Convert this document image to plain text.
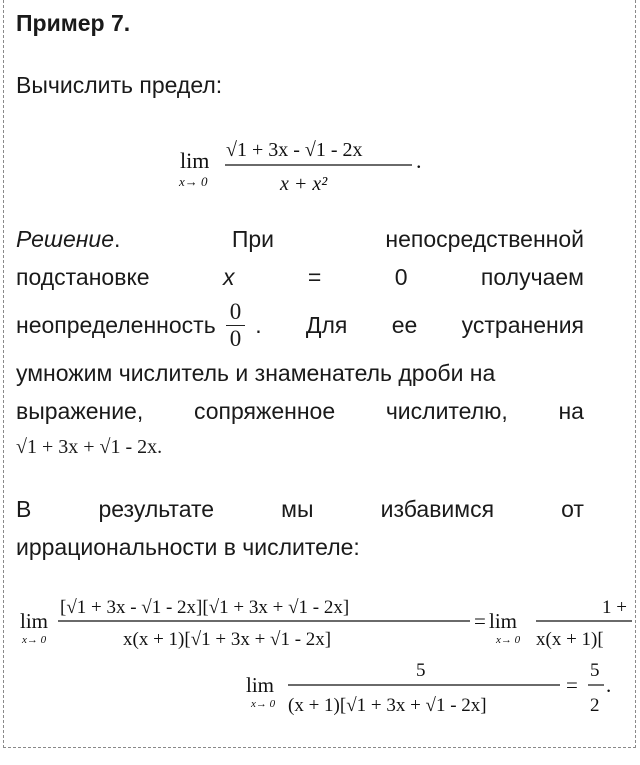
Пример 7.
Вычислить предел:
lim
x→ 0
√1 + 3x - √1 - 2x
x + x²
.
Решение . При непосредственной
подстановке	x	=	0	получаем
неопределенность $\frac{0}{0}$ . Для ее устранения
умножим числитель и знаменатель дроби на
выражение, сопряженное числителю, на
√1 + 3x + √1 - 2x.
В	результате	мы	избавимся	от
иррациональности в числителе:
lim
x→ 0
[√1 + 3x - √1 - 2x][√1 + 3x + √1 - 2x]
x(x + 1)[√1 + 3x + √1 - 2x]
= lim
x→ 0
1 +
x(x + 1)[
lim
x→ 0
5
(x + 1)[√1 + 3x + √1 - 2x]
=
5
2
.
